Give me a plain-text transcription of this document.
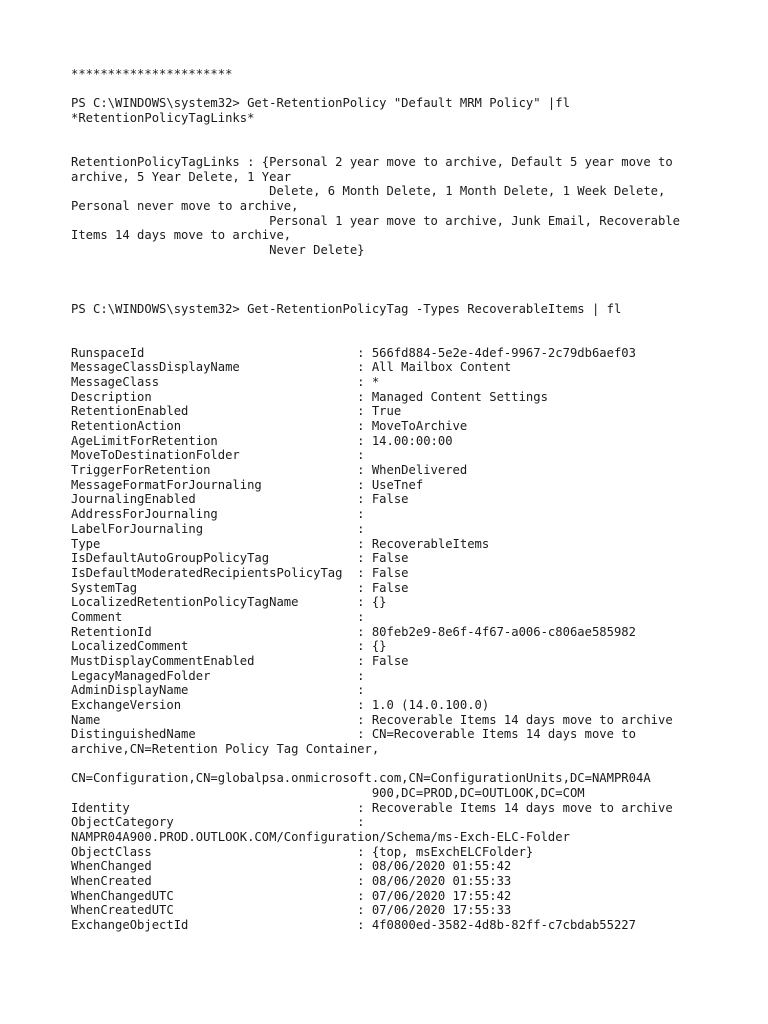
**********************
PS C:\WINDOWS\system32> Get-RetentionPolicy "Default MRM Policy" |fl
*RetentionPolicyTagLinks*
RetentionPolicyTagLinks : {Personal 2 year move to archive, Default 5 year move to
archive, 5 Year Delete, 1 Year
Delete, 6 Month Delete, 1 Month Delete, 1 Week Delete,
Personal never move to archive,
Personal 1 year move to archive, Junk Email, Recoverable
Items 14 days move to archive,
Never Delete}
PS C:\WINDOWS\system32> Get-RetentionPolicyTag -Types RecoverableItems | fl
RunspaceId                             : 566fd884-5e2e-4def-9967-2c79db6aef03
MessageClassDisplayName                : All Mailbox Content
MessageClass                           : *
Description                            : Managed Content Settings
RetentionEnabled                       : True
RetentionAction                        : MoveToArchive
AgeLimitForRetention                   : 14.00:00:00
MoveToDestinationFolder                :
TriggerForRetention                    : WhenDelivered
MessageFormatForJournaling             : UseTnef
JournalingEnabled                      : False
AddressForJournaling                   :
LabelForJournaling                     :
Type                                   : RecoverableItems
IsDefaultAutoGroupPolicyTag            : False
IsDefaultModeratedRecipientsPolicyTag  : False
SystemTag                              : False
LocalizedRetentionPolicyTagName        : {}
Comment                                :
RetentionId                            : 80feb2e9-8e6f-4f67-a006-c806ae585982
LocalizedComment                       : {}
MustDisplayCommentEnabled              : False
LegacyManagedFolder                    :
AdminDisplayName                       :
ExchangeVersion                        : 1.0 (14.0.100.0)
Name                                   : Recoverable Items 14 days move to archive
DistinguishedName                      : CN=Recoverable Items 14 days move to
archive,CN=Retention Policy Tag Container,
CN=Configuration,CN=globalpsa.onmicrosoft.com,CN=ConfigurationUnits,DC=NAMPR04A
900,DC=PROD,DC=OUTLOOK,DC=COM
Identity                               : Recoverable Items 14 days move to archive
ObjectCategory                         :
NAMPR04A900.PROD.OUTLOOK.COM/Configuration/Schema/ms-Exch-ELC-Folder
ObjectClass                            : {top, msExchELCFolder}
WhenChanged                            : 08/06/2020 01:55:42
WhenCreated                            : 08/06/2020 01:55:33
WhenChangedUTC                         : 07/06/2020 17:55:42
WhenCreatedUTC                         : 07/06/2020 17:55:33
ExchangeObjectId                       : 4f0800ed-3582-4d8b-82ff-c7cbdab55227
